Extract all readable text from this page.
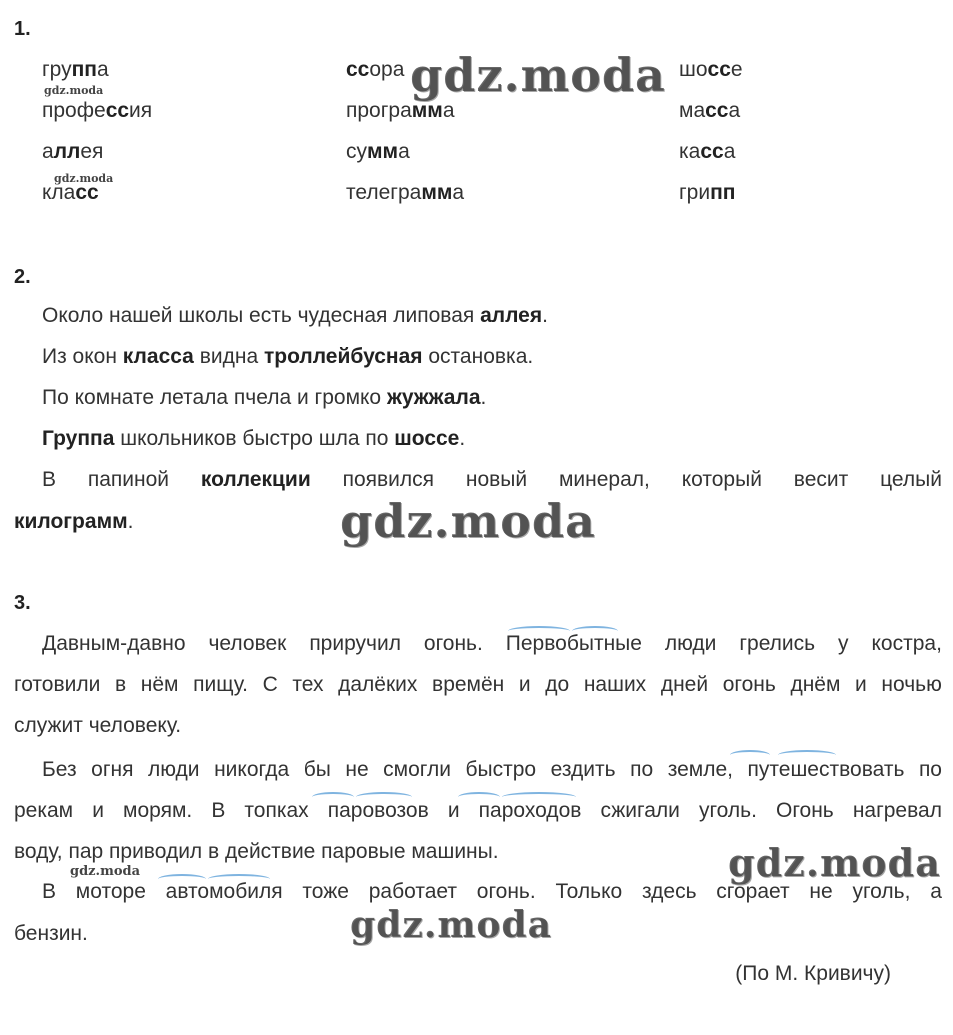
1.
группа	ссора	шоссе
профессия	программа	масса
аллея	сумма	касса
класс	телеграмма	грипп
2.
Около нашей школы есть чудесная липовая аллея.
Из окон класса видна троллейбусная остановка.
По комнате летала пчела и громко жужжала.
Группа школьников быстро шла по шоссе.
В папиной коллекции появился новый минерал, который весит целый
килограмм.
3.
Давным-давно человек приручил огонь. Первобытные люди грелись у костра,
готовили в нём пищу. С тех далёких времён и до наших дней огонь днём и ночью
служит человеку.
Без огня люди никогда бы не смогли быстро ездить по земле, путешествовать по
рекам и морям. В топках паровозов и пароходов сжигали уголь. Огонь нагревал
воду, пар приводил в действие паровые машины.
В моторе автомобиля тоже работает огонь. Только здесь сгорает не уголь, а
бензин.
(По М. Кривичу)
gdz.moda
gdz.moda
gdz.moda
gdz.moda
gdz.moda
gdz.moda
gdz.moda
